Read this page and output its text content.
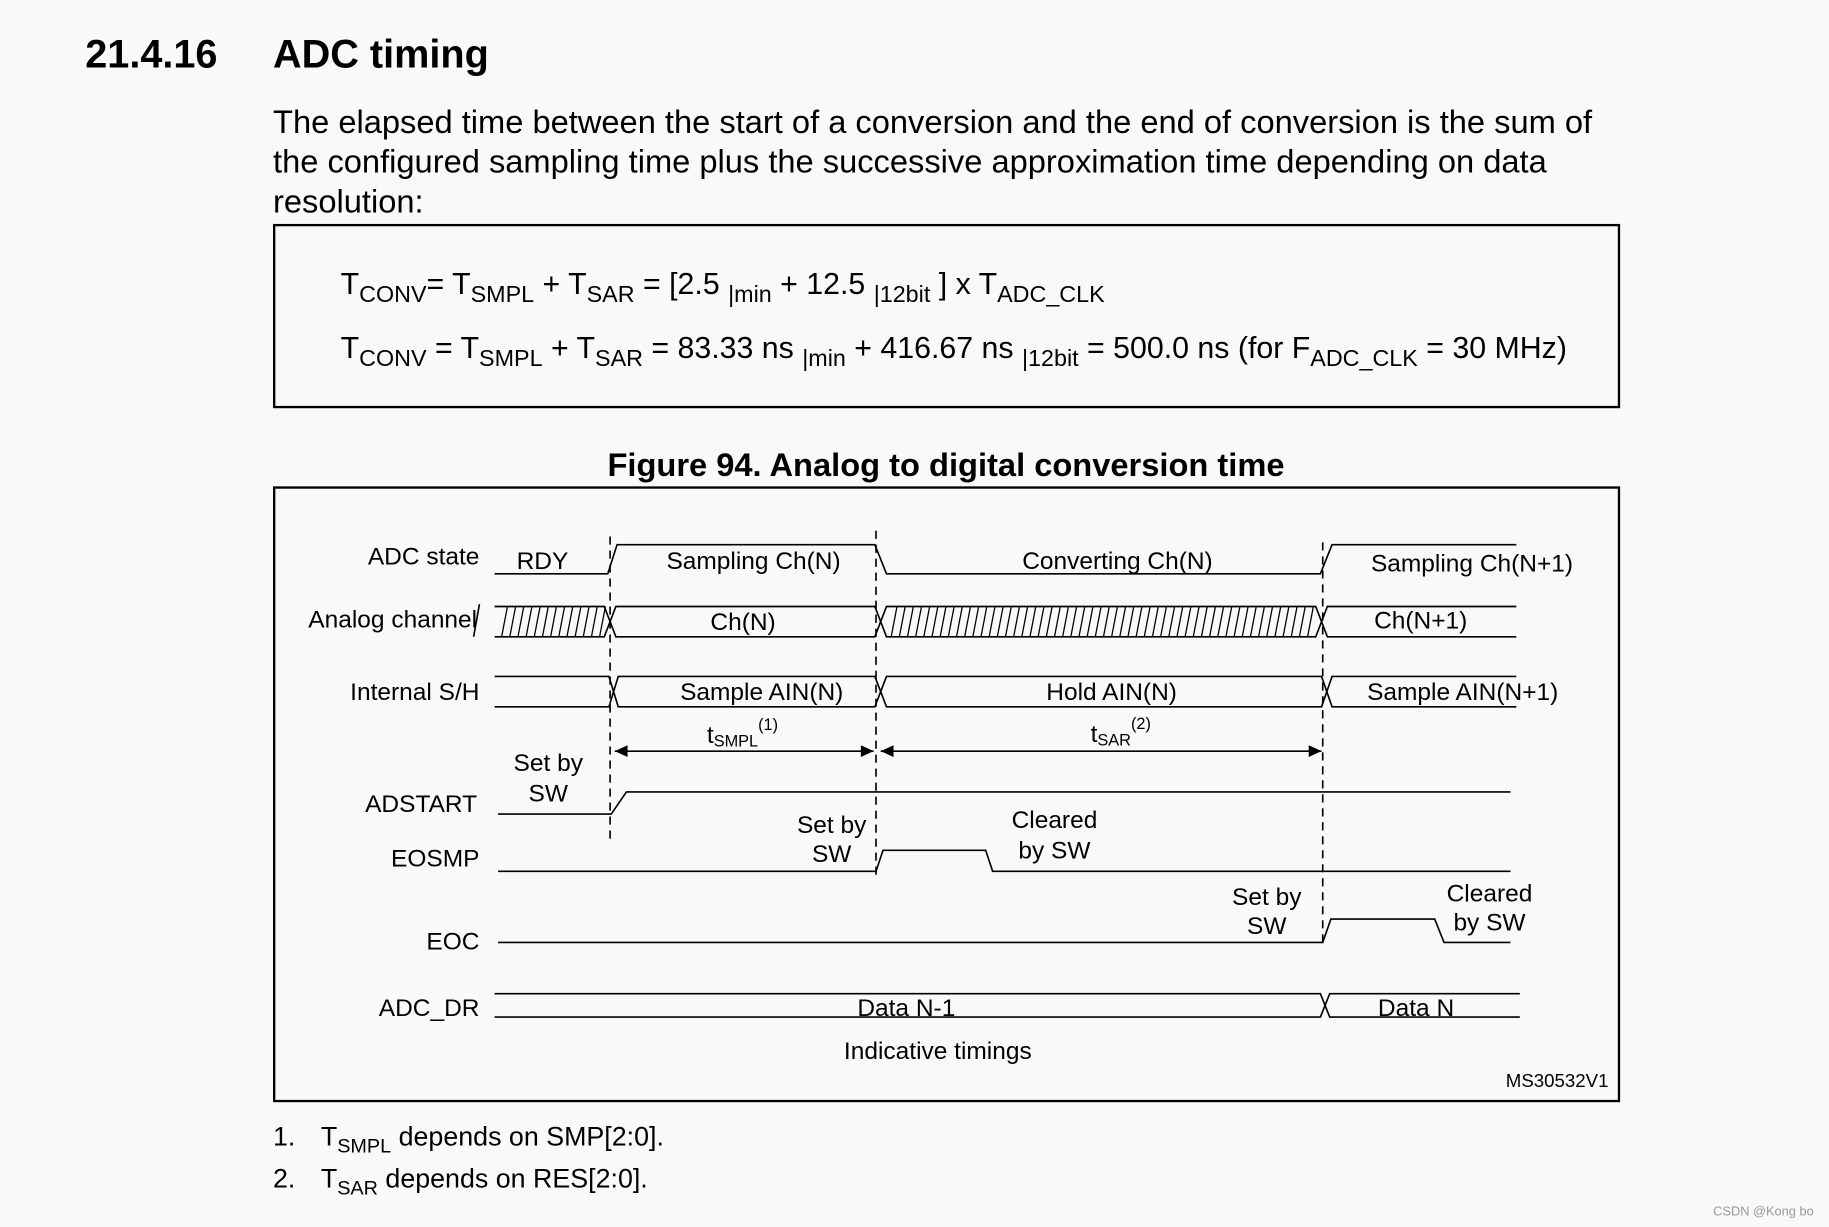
21.4.16 ADC timing
The elapsed time between the start of a conversion and the end of conversion is the sum of
the configured sampling time plus the successive approximation time depending on data
resolution:
$T_{CONV}= T_{SMPL} + T_{SAR} = [2.5$ $_{|min}$ + 12.5 $_{|12bit}$ ] x $T_{ADC\_CLK}$
$T_{CONV} = T_{SMPL} + T_{SAR} = 83.33$ ns $_{|min}$ + 416.67 ns $_{|12bit}$ = 500.0 ns (for $F_{ADC\_CLK} = 30$ MHz)
Figure 94. Analog to digital conversion time
ADC state
Analog channel
Internal S/H
ADSTART
EOSMP
EOC
ADC_DR
RDY	Sampling Ch(N)	Converting Ch(N)	Sampling Ch(N+1)
Ch(N)	Ch(N+1)
Sample AIN(N)	Hold AIN(N)	Sample AIN(N+1)
tSMPL$^{(1)}$	tSAR$^{(2)}$
Set by
SW
Set by
SW
Cleared
by SW
Set by
SW
Cleared
by SW
Data N-1	Data N
Indicative timings
MS30532V1
1. $T_{SMPL}$ depends on SMP[2:0].
2. $T_{SAR}$ depends on RES[2:0].
CSDN @Kong bo
